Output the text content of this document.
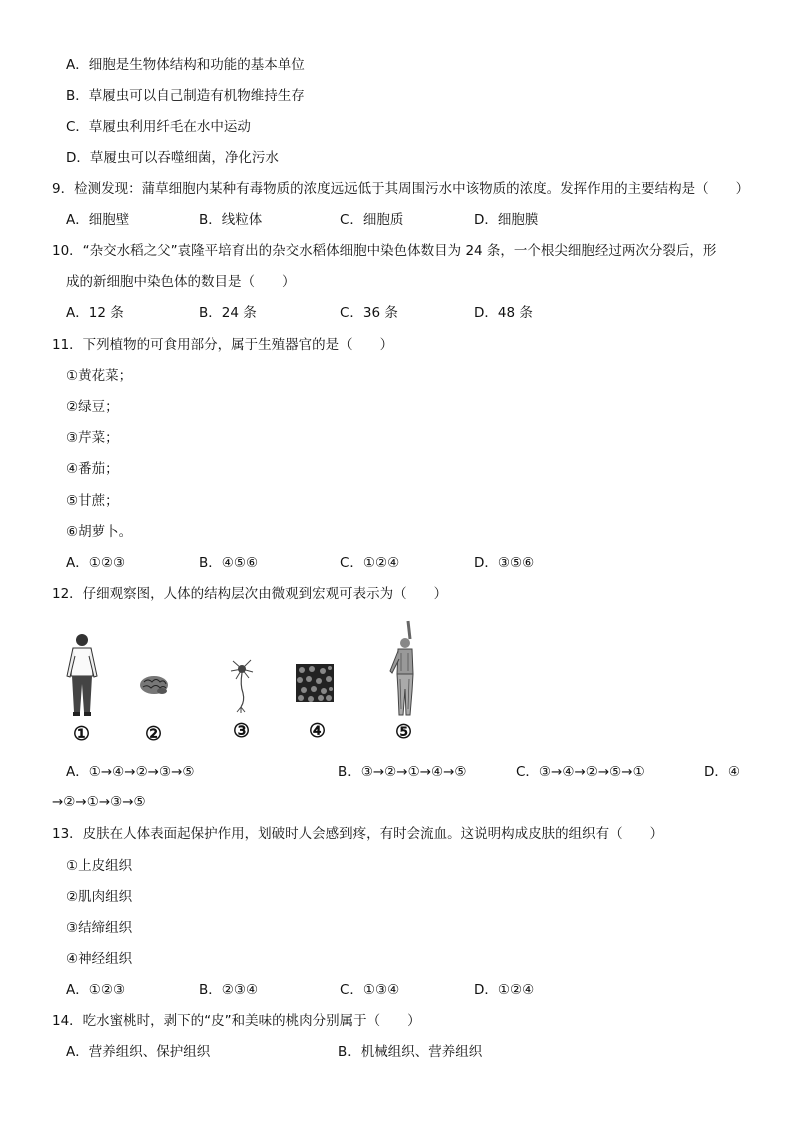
A．细胞是生物体结构和功能的基本单位
B．草履虫可以自己制造有机物维持生存
C．草履虫利用纤毛在水中运动
D．草履虫可以吞噬细菌，净化污水
9．检测发现：蒲草细胞内某种有毒物质的浓度远远低于其周围污水中该物质的浓度。发挥作用的主要结构是（　　）
A．细胞壁	B．线粒体	C．细胞质	D．细胞膜
10．“杂交水稻之父”袁隆平培育出的杂交水稻体细胞中染色体数目为 24 条，一个根尖细胞经过两次分裂后，形
成的新细胞中染色体的数目是（　　）
A．12 条	B．24 条	C．36 条	D．48 条
11．下列植物的可食用部分，属于生殖器官的是（　　）
①黄花菜；
②绿豆；
③芹菜；
④番茄；
⑤甘蔗；
⑥胡萝卜。
A．①②③	B．④⑤⑥	C．①②④	D．③⑤⑥
12．仔细观察图，人体的结构层次由微观到宏观可表示为（　　）
①	②	③	④	⑤
A．①→④→②→③→⑤	B．③→②→①→④→⑤	C．③→④→②→⑤→①	D．④
→②→①→③→⑤
13．皮肤在人体表面起保护作用，划破时人会感到疼，有时会流血。这说明构成皮肤的组织有（　　）
①上皮组织
②肌肉组织
③结缔组织
④神经组织
A．①②③	B．②③④	C．①③④	D．①②④
14．吃水蜜桃时，剥下的“皮”和美味的桃肉分别属于（　　）
A．营养组织、保护组织	B．机械组织、营养组织
